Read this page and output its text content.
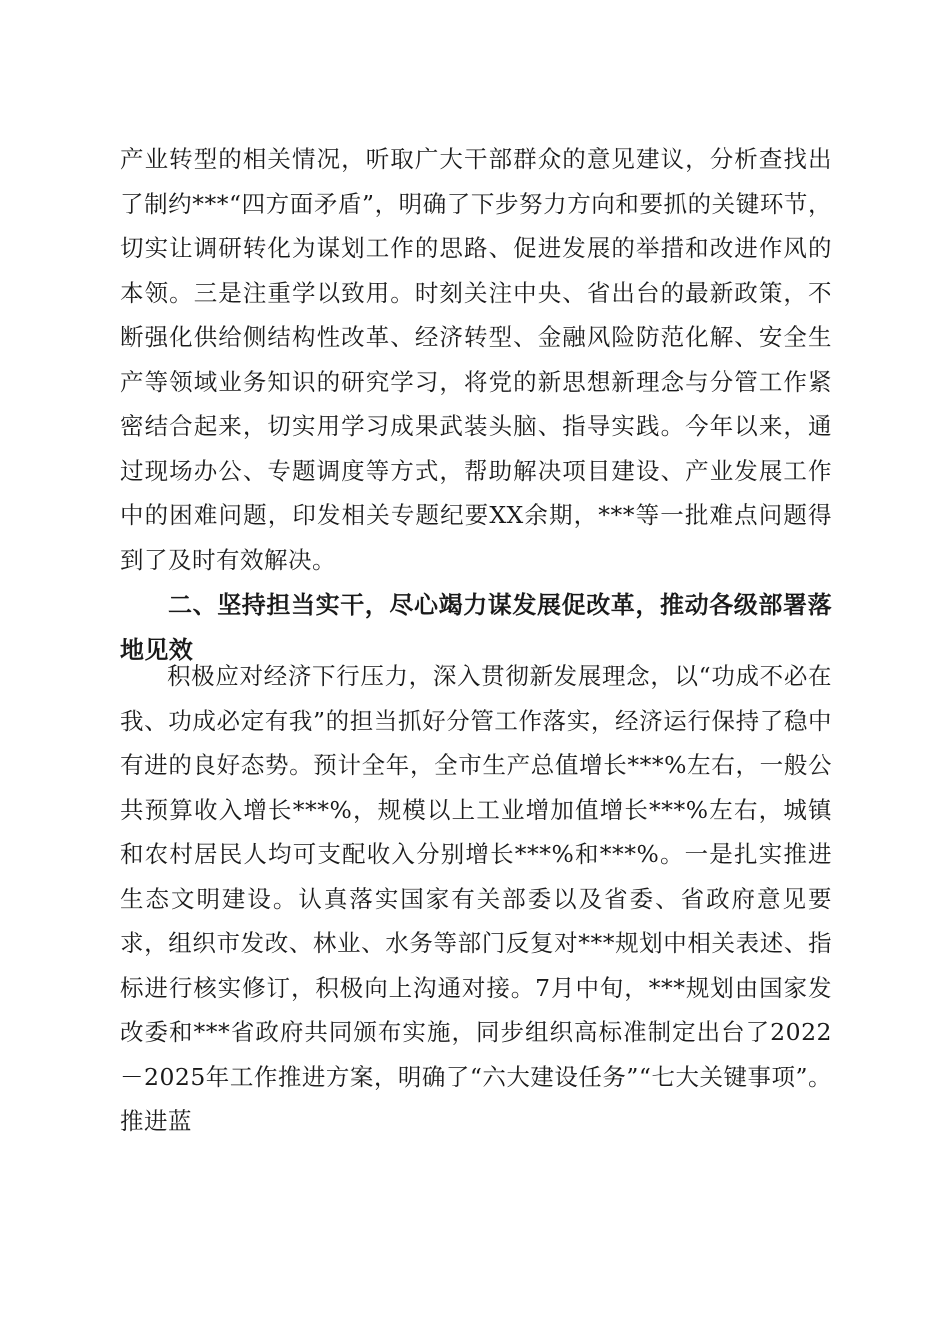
产业转型的相关情况，听取广大干部群众的意见建议，分析查找出了制约***“四方面矛盾”，明确了下步努力方向和要抓的关键环节，切实让调研转化为谋划工作的思路、促进发展的举措和改进作风的本领。三是注重学以致用。时刻关注中央、省出台的最新政策，不断强化供给侧结构性改革、经济转型、金融风险防范化解、安全生产等领域业务知识的研究学习，将党的新思想新理念与分管工作紧密结合起来，切实用学习成果武装头脑、指导实践。今年以来，通过现场办公、专题调度等方式，帮助解决项目建设、产业发展工作中的困难问题，印发相关专题纪要XX余期，***等一批难点问题得到了及时有效解决。

二、坚持担当实干，尽心竭力谋发展促改革，推动各级部署落地见效

积极应对经济下行压力，深入贯彻新发展理念，以“功成不必在我、功成必定有我”的担当抓好分管工作落实，经济运行保持了稳中有进的良好态势。预计全年，全市生产总值增长***%左右，一般公共预算收入增长***%，规模以上工业增加值增长***%左右，城镇和农村居民人均可支配收入分别增长***%和***%。一是扎实推进生态文明建设。认真落实国家有关部委以及省委、省政府意见要求，组织市发改、林业、水务等部门反复对***规划中相关表述、指标进行核实修订，积极向上沟通对接。7月中旬，***规划由国家发改委和***省政府共同颁布实施，同步组织高标准制定出台了2022－2025年工作推进方案，明确了“六大建设任务”“七大关键事项”。推进蓝
